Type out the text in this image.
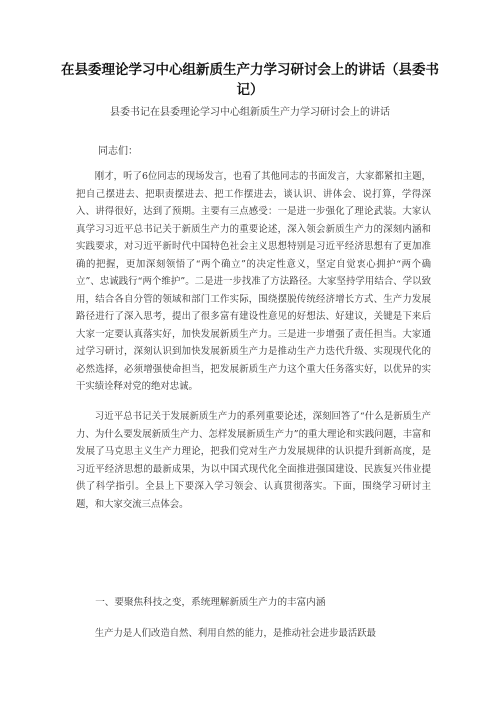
在县委理论学习中心组新质生产力学习研讨会上的讲话（县委书记）

县委书记在县委理论学习中心组新质生产力学习研讨会上的讲话

同志们：

刚才，听了6位同志的现场发言，也看了其他同志的书面发言，大家都紧扣主题，把自己摆进去、把职责摆进去、把工作摆进去，谈认识、讲体会、说打算，学得深入、讲得很好，达到了预期。主要有三点感受：一是进一步强化了理论武装。大家认真学习习近平总书记关于新质生产力的重要论述，深入领会新质生产力的深刻内涵和实践要求，对习近平新时代中国特色社会主义思想特别是习近平经济思想有了更加准确的把握，更加深刻领悟了“两个确立”的决定性意义，坚定自觉衷心拥护“两个确立”、忠诚践行“两个维护”。二是进一步找准了方法路径。大家坚持学用结合、学以致用，结合各自分管的领域和部门工作实际，围绕摆脱传统经济增长方式、生产力发展路径进行了深入思考，提出了很多富有建设性意见的好想法、好建议，关键是下来后大家一定要认真落实好，加快发展新质生产力。三是进一步增强了责任担当。大家通过学习研讨，深刻认识到加快发展新质生产力是推动生产力迭代升级、实现现代化的必然选择，必须增强使命担当，把发展新质生产力这个重大任务落实好，以优异的实干实绩诠释对党的绝对忠诚。

习近平总书记关于发展新质生产力的系列重要论述，深刻回答了“什么是新质生产力、为什么要发展新质生产力、怎样发展新质生产力”的重大理论和实践问题，丰富和发展了马克思主义生产力理论，把我们党对生产力发展规律的认识提升到新高度，是习近平经济思想的最新成果，为以中国式现代化全面推进强国建设、民族复兴伟业提供了科学指引。全县上下要深入学习领会、认真贯彻落实。下面，围绕学习研讨主题，和大家交流三点体会。

一、要聚焦科技之变，系统理解新质生产力的丰富内涵

生产力是人们改造自然、利用自然的能力，是推动社会进步最活跃最
